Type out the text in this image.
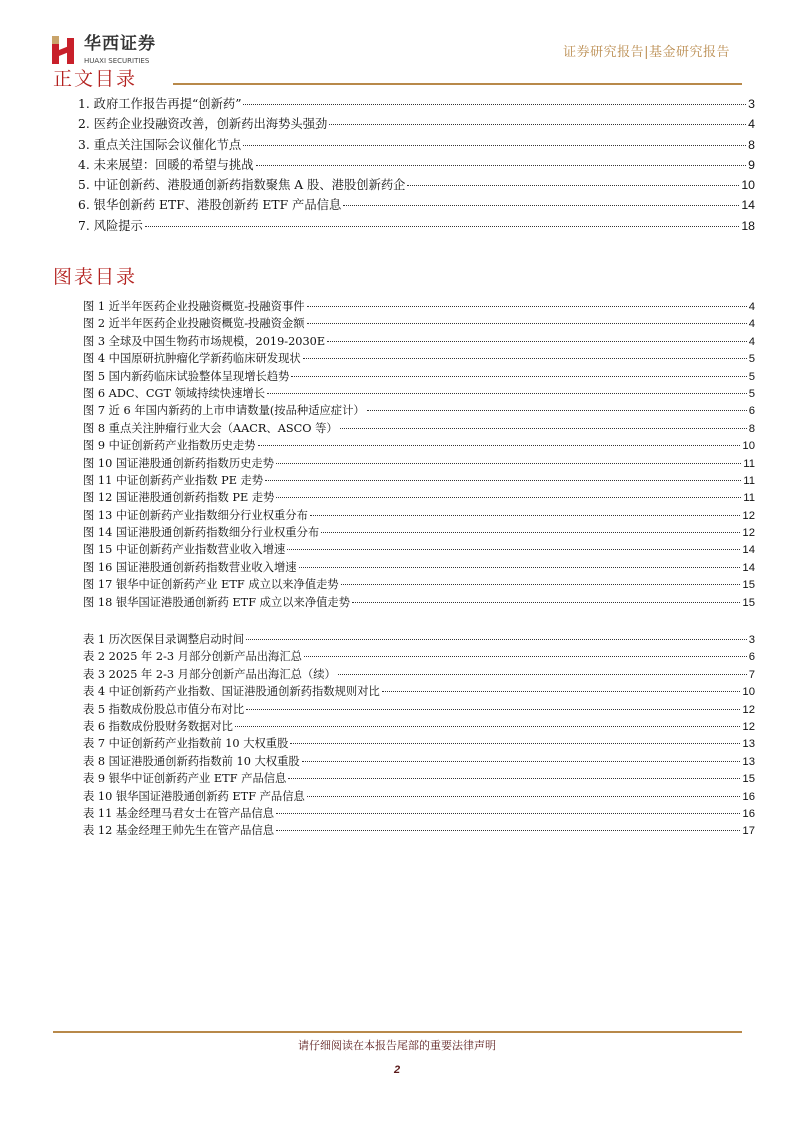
华西证券
HUAXI SECURITIES
证券研究报告|基金研究报告
正文目录
1. 政府工作报告再提“创新药”	3
2. 医药企业投融资改善，创新药出海势头强劲	4
3. 重点关注国际会议催化节点	8
4. 未来展望：回暖的希望与挑战	9
5. 中证创新药、港股通创新药指数聚焦 A 股、港股创新药企	10
6. 银华创新药 ETF、港股创新药 ETF 产品信息	14
7. 风险提示	18
图表目录
图 1 近半年医药企业投融资概览-投融资事件	4
图 2 近半年医药企业投融资概览-投融资金额	4
图 3 全球及中国生物药市场规模，2019-2030E	4
图 4 中国原研抗肿瘤化学新药临床研发现状	5
图 5 国内新药临床试验整体呈现增长趋势	5
图 6 ADC、CGT 领域持续快速增长	5
图 7 近 6 年国内新药的上市申请数量(按品种适应症计）	6
图 8 重点关注肿瘤行业大会（AACR、ASCO 等）	8
图 9 中证创新药产业指数历史走势	10
图 10 国证港股通创新药指数历史走势	11
图 11 中证创新药产业指数 PE 走势	11
图 12 国证港股通创新药指数 PE 走势	11
图 13 中证创新药产业指数细分行业权重分布	12
图 14 国证港股通创新药指数细分行业权重分布	12
图 15 中证创新药产业指数营业收入增速	14
图 16 国证港股通创新药指数营业收入增速	14
图 17 银华中证创新药产业 ETF 成立以来净值走势	15
图 18 银华国证港股通创新药 ETF 成立以来净值走势	15
表 1 历次医保目录调整启动时间	3
表 2 2025 年 2-3 月部分创新产品出海汇总	6
表 3 2025 年 2-3 月部分创新产品出海汇总（续）	7
表 4 中证创新药产业指数、国证港股通创新药指数规则对比	10
表 5 指数成份股总市值分布对比	12
表 6 指数成份股财务数据对比	12
表 7 中证创新药产业指数前 10 大权重股	13
表 8 国证港股通创新药指数前 10 大权重股	13
表 9 银华中证创新药产业 ETF 产品信息	15
表 10 银华国证港股通创新药 ETF 产品信息	16
表 11 基金经理马君女士在管产品信息	16
表 12 基金经理王帅先生在管产品信息	17
请仔细阅读在本报告尾部的重要法律声明
2
